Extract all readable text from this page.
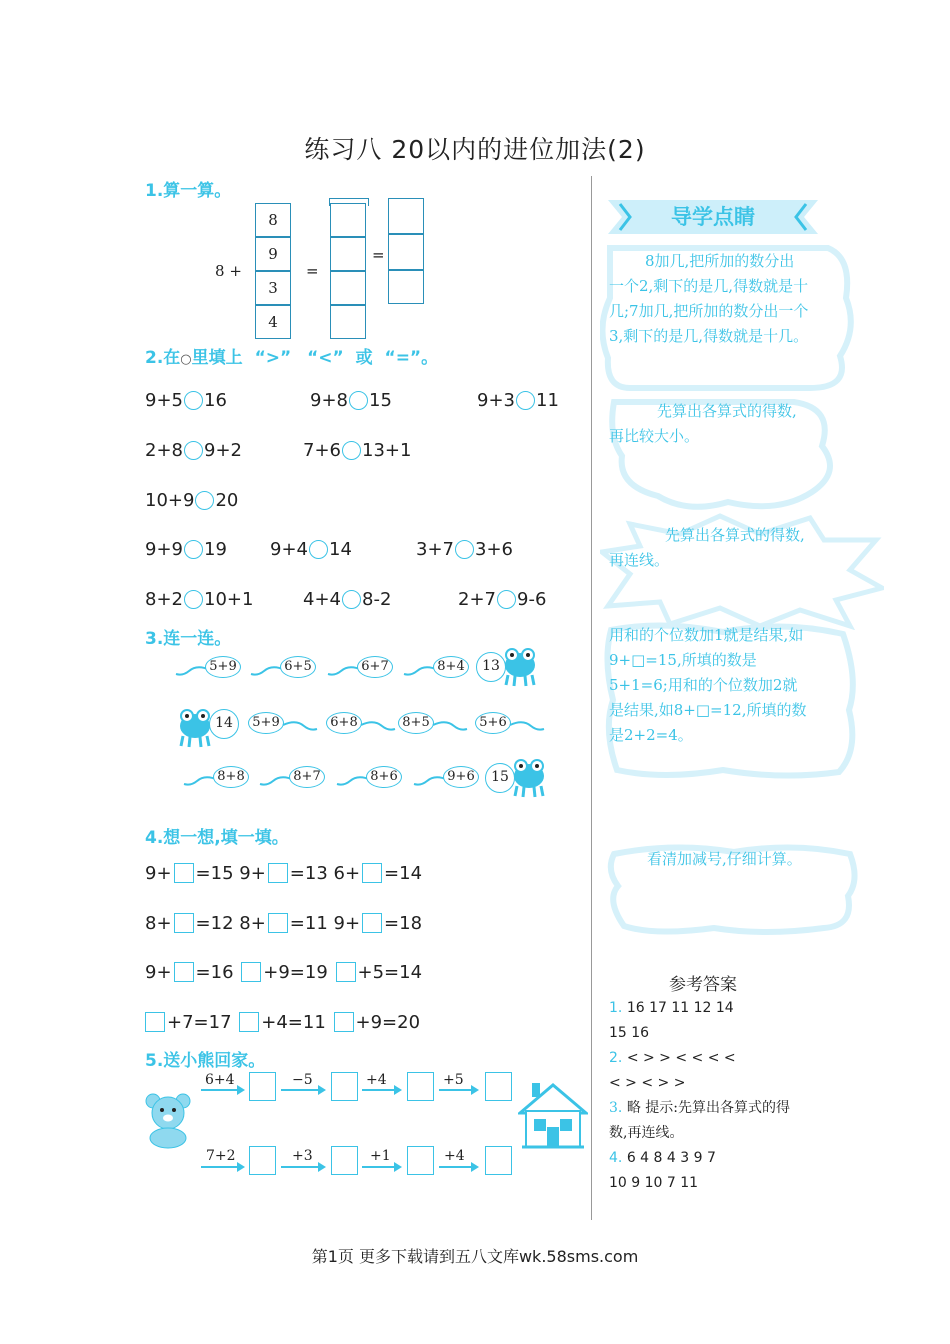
练习八 20以内的进位加法(2)
1.算一算。
8 +
8
9
3
4
=
=
2.在○里填上 “>” “<” 或 “=”。
9+5 16	9+8 15	9+3 11
2+8 9+2	7+6 13+1
10+9 20
9+9 19 9+4 14	3+7 3+6
8+2 10+1	4+4 8-2	2+7 9-6
3.连一连。
5+9	6+5	6+7	8+4	13
14	5+9	6+8	8+5	5+6
8+8	8+7	8+6	9+6	15
4.想一想,填一填。
9+ =15 9+ =13 6+ =14
8+ =12 8+ =11 9+ =18
9+ =16 +9=19 +5=14
+7=17 +4=11 +9=20
5.送小熊回家。
6+4	−5	+4	+5
7+2	+3	+1	+4
导学点睛
8加几,把所加的数分出一个2,剩下的是几,得数就是十几;7加几,把所加的数分出一个3,剩下的是几,得数就是十几。
先算出各算式的得数,再比较大小。
先算出各算式的得数,再连线。
用和的个位数加1就是结果,如9+□=15,所填的数是5+1=6;用和的个位数加2就是结果,如8+□=12,所填的数是2+2=4。
看清加减号,仔细计算。
参考答案
1. 16 17 11 12 14
15 16
2. < > > < < < <
< > < > >
3. 略 提示:先算出各算式的得
数,再连线。
4. 6 4 8 4 3 9 7
10 9 10 7 11
第1页 更多下载请到五八文库wk.58sms.com
